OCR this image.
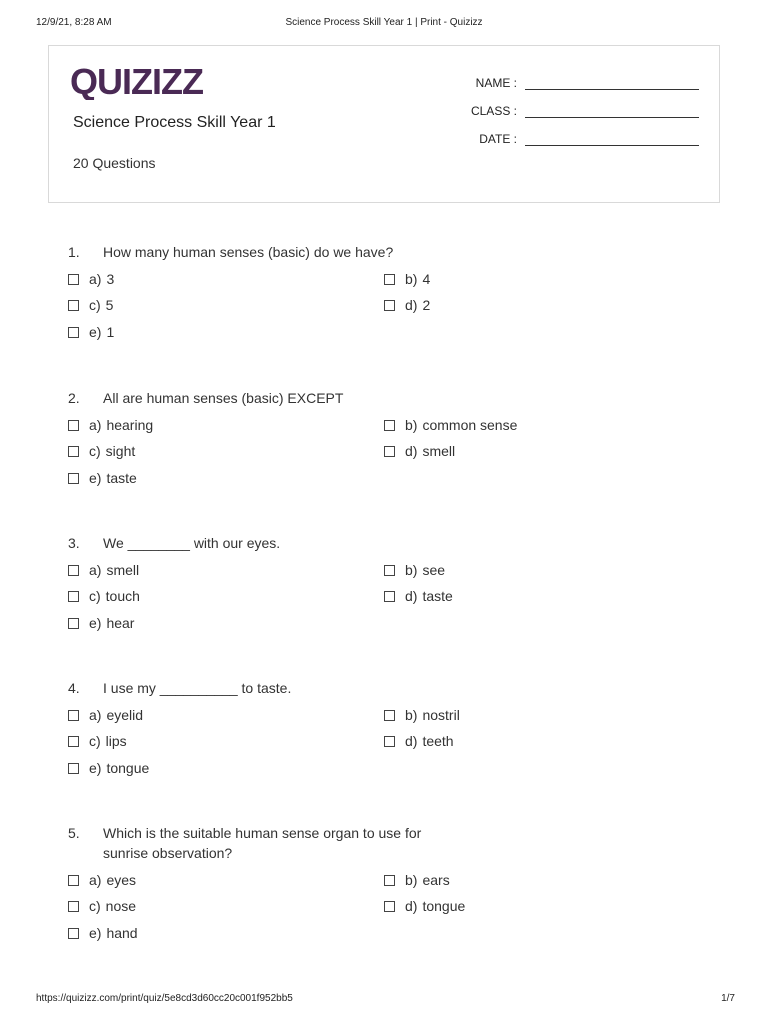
12/9/21, 8:28 AM	Science Process Skill Year 1 | Print - Quizizz
QUIZIZZ
Science Process Skill Year 1
20 Questions
NAME :
CLASS :
DATE :
1. How many human senses (basic) do we have?
a) 3	b) 4
c) 5	d) 2
e) 1
2. All are human senses (basic) EXCEPT
a) hearing	b) common sense
c) sight	d) smell
e) taste
3. We ________ with our eyes.
a) smell	b) see
c) touch	d) taste
e) hear
4. I use my __________ to taste.
a) eyelid	b) nostril
c) lips	d) teeth
e) tongue
5. Which is the suitable human sense organ to use for sunrise observation?
a) eyes	b) ears
c) nose	d) tongue
e) hand
https://quizizz.com/print/quiz/5e8cd3d60cc20c001f952bb5	1/7
